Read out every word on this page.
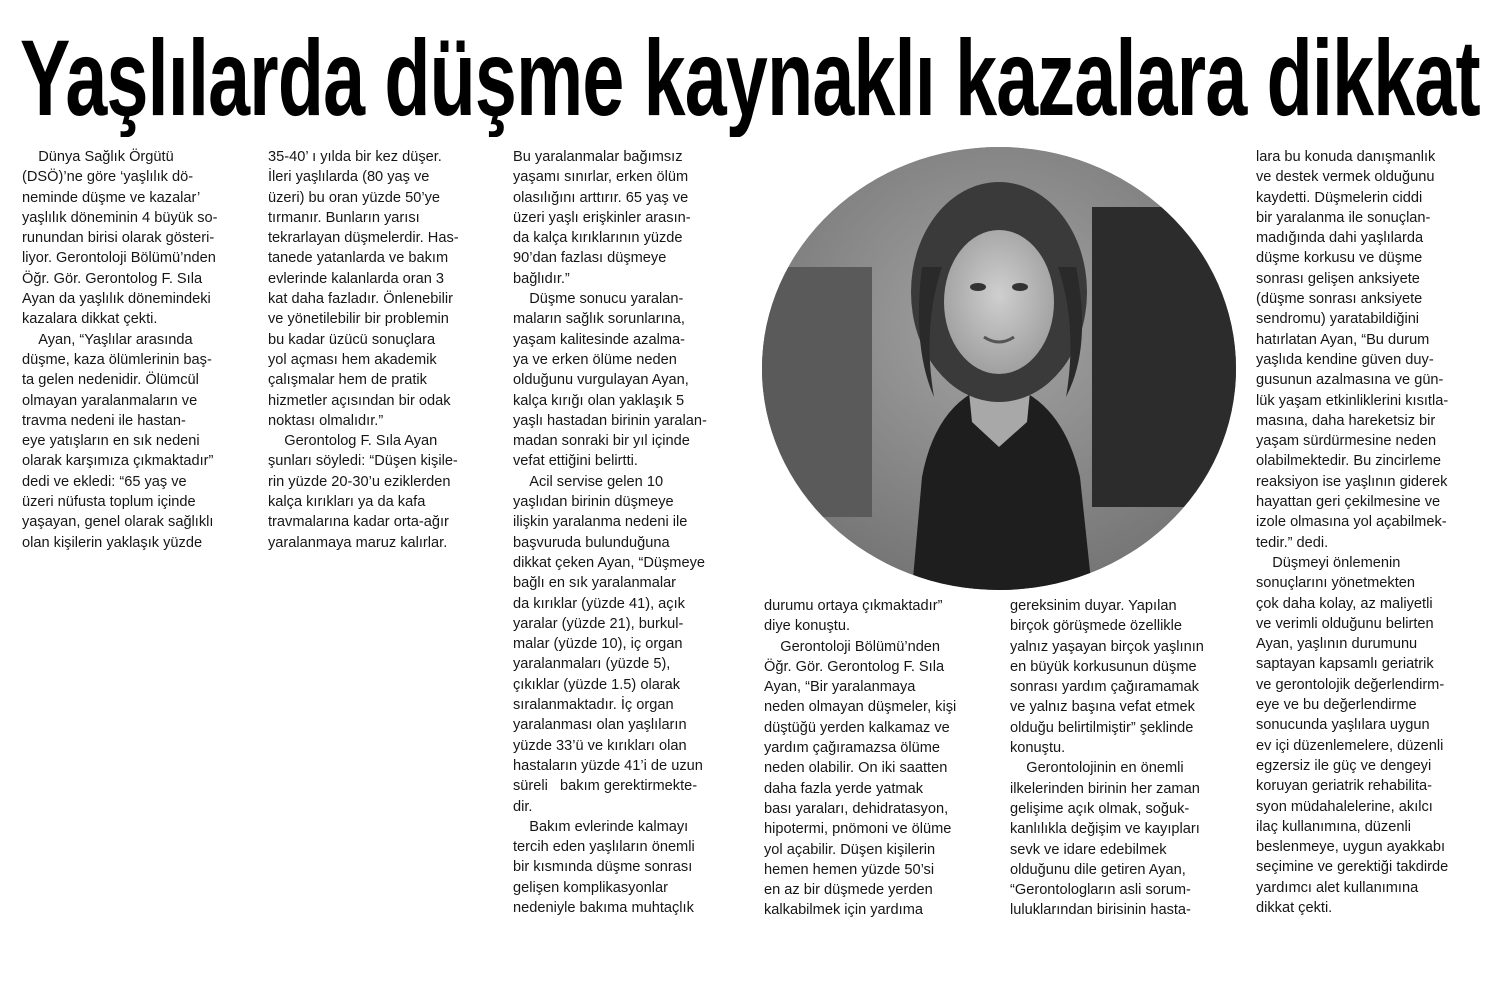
Yaşlılarda düşme kaynaklı kazalara dikkat

Dünya Sağlık Örgütü
(DSÖ)’ne göre ‘yaşlılık dö-
neminde düşme ve kazalar’
yaşlılık döneminin 4 büyük so-
runundan birisi olarak gösteri-
liyor. Gerontoloji Bölümü’nden
Öğr. Gör. Gerontolog F. Sıla
Ayan da yaşlılık dönemindeki
kazalara dikkat çekti.
Ayan, “Yaşlılar arasında
düşme, kaza ölümlerinin baş-
ta gelen nedenidir. Ölümcül
olmayan yaralanmaların ve
travma nedeni ile hastan-
eye yatışların en sık nedeni
olarak karşımıza çıkmaktadır”
dedi ve ekledi: “65 yaş ve
üzeri nüfusta toplum içinde
yaşayan, genel olarak sağlıklı
olan kişilerin yaklaşık yüzde

35-40’ ı yılda bir kez düşer.
İleri yaşlılarda (80 yaş ve
üzeri) bu oran yüzde 50’ye
tırmanır. Bunların yarısı
tekrarlayan düşmelerdir. Has-
tanede yatanlarda ve bakım
evlerinde kalanlarda oran 3
kat daha fazladır. Önlenebilir
ve yönetilebilir bir problemin
bu kadar üzücü sonuçlara
yol açması hem akademik
çalışmalar hem de pratik
hizmetler açısından bir odak
noktası olmalıdır.”
Gerontolog F. Sıla Ayan
şunları söyledi: “Düşen kişile-
rin yüzde 20-30’u eziklerden
kalça kırıkları ya da kafa
travmalarına kadar orta-ağır
yaralanmaya maruz kalırlar.

Bu yaralanmalar bağımsız
yaşamı sınırlar, erken ölüm
olasılığını arttırır. 65 yaş ve
üzeri yaşlı erişkinler arasın-
da kalça kırıklarının yüzde
90’dan fazlası düşmeye
bağlıdır.”
Düşme sonucu yaralan-
maların sağlık sorunlarına,
yaşam kalitesinde azalma-
ya ve erken ölüme neden
olduğunu vurgulayan Ayan,
kalça kırığı olan yaklaşık 5
yaşlı hastadan birinin yaralan-
madan sonraki bir yıl içinde
vefat ettiğini belirtti.
Acil servise gelen 10
yaşlıdan birinin düşmeye
ilişkin yaralanma nedeni ile
başvuruda bulunduğuna
dikkat çeken Ayan, “Düşmeye
bağlı en sık yaralanmalar
da kırıklar (yüzde 41), açık
yaralar (yüzde 21), burkul-
malar (yüzde 10), iç organ
yaralanmaları (yüzde 5),
çıkıklar (yüzde 1.5) olarak
sıralanmaktadır. İç organ
yaralanması olan yaşlıların
yüzde 33’ü ve kırıkları olan
hastaların yüzde 41’i de uzun
süreli   bakım gerektirmekte-
dir.
Bakım evlerinde kalmayı
tercih eden yaşlıların önemli
bir kısmında düşme sonrası
gelişen komplikasyonlar
nedeniyle bakıma muhtaçlık

durumu ortaya çıkmaktadır”
diye konuştu.
Gerontoloji Bölümü’nden
Öğr. Gör. Gerontolog F. Sıla
Ayan, “Bir yaralanmaya
neden olmayan düşmeler, kişi
düştüğü yerden kalkamaz ve
yardım çağıramazsa ölüme
neden olabilir. On iki saatten
daha fazla yerde yatmak
bası yaraları, dehidratasyon,
hipotermi, pnömoni ve ölüme
yol açabilir. Düşen kişilerin
hemen hemen yüzde 50’si
en az bir düşmede yerden
kalkabilmek için yardıma

gereksinim duyar. Yapılan
birçok görüşmede özellikle
yalnız yaşayan birçok yaşlının
en büyük korkusunun düşme
sonrası yardım çağıramamak
ve yalnız başına vefat etmek
olduğu belirtilmiştir” şeklinde
konuştu.
Gerontolojinin en önemli
ilkelerinden birinin her zaman
gelişime açık olmak, soğuk-
kanlılıkla değişim ve kayıpları
sevk ve idare edebilmek
olduğunu dile getiren Ayan,
“Gerontologların asli sorum-
luluklarından birisinin hasta-

lara bu konuda danışmanlık
ve destek vermek olduğunu
kaydetti. Düşmelerin ciddi
bir yaralanma ile sonuçlan-
madığında dahi yaşlılarda
düşme korkusu ve düşme
sonrası gelişen anksiyete
(düşme sonrası anksiyete
sendromu) yaratabildiğini
hatırlatan Ayan, “Bu durum
yaşlıda kendine güven duy-
gusunun azalmasına ve gün-
lük yaşam etkinliklerini kısıtla-
masına, daha hareketsiz bir
yaşam sürdürmesine neden
olabilmektedir. Bu zincirleme
reaksiyon ise yaşlının giderek
hayattan geri çekilmesine ve
izole olmasına yol açabilmek-
tedir.” dedi.
Düşmeyi önlemenin
sonuçlarını yönetmekten
çok daha kolay, az maliyetli
ve verimli olduğunu belirten
Ayan, yaşlının durumunu
saptayan kapsamlı geriatrik
ve gerontolojik değerlendirm-
eye ve bu değerlendirme
sonucunda yaşlılara uygun
ev içi düzenlemelere, düzenli
egzersiz ile güç ve dengeyi
koruyan geriatrik rehabilita-
syon müdahalelerine, akılcı
ilaç kullanımına, düzenli
beslenmeye, uygun ayakkabı
seçimine ve gerektiği takdirde
yardımcı alet kullanımına
dikkat çekti.
